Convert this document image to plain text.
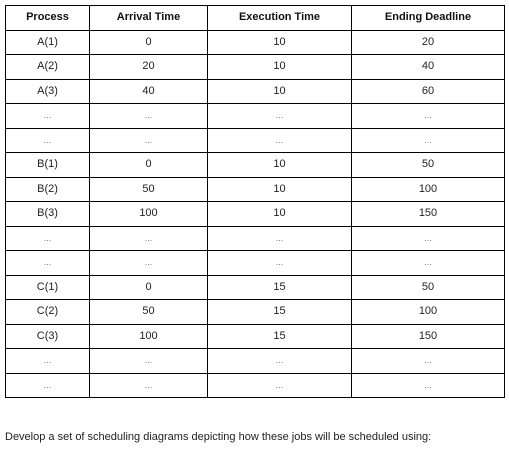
Process	Arrival Time	Execution Time	Ending Deadline
A(1)	0	10	20
A(2)	20	10	40
A(3)	40	10	60
...	...	...	...
...	...	...	...
B(1)	0	10	50
B(2)	50	10	100
B(3)	100	10	150
...	...	...	...
...	...	...	...
C(1)	0	15	50
C(2)	50	15	100
C(3)	100	15	150
...	...	...	...
...	...	...	...
Develop a set of scheduling diagrams depicting how these jobs will be scheduled using:
